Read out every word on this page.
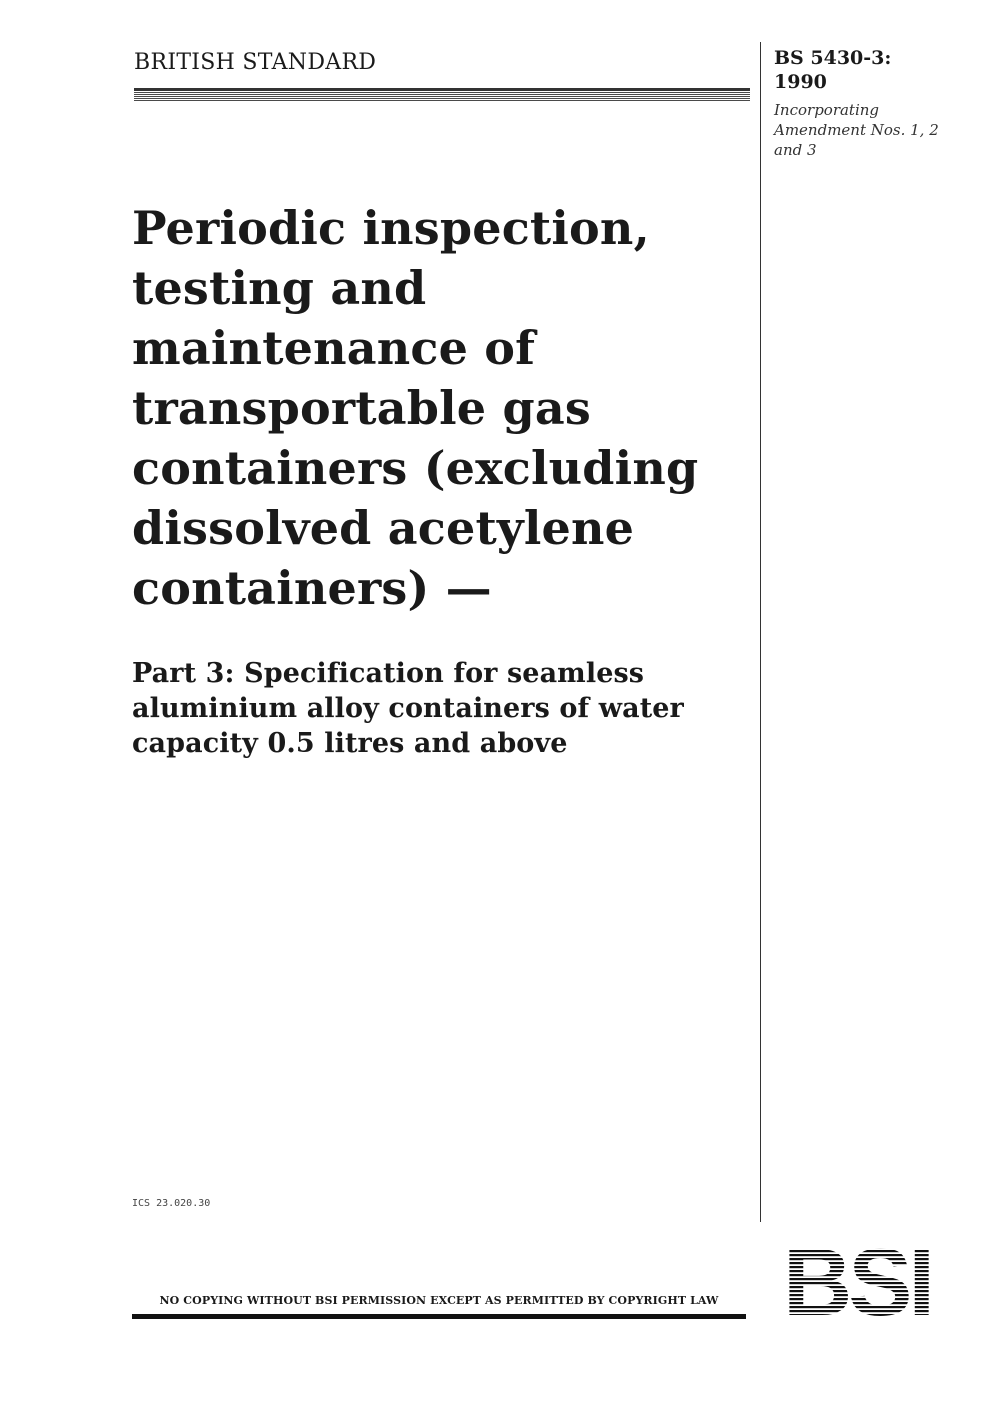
BRITISH STANDARD	BS 5430-3:
1990
Incorporating Amendment Nos. 1, 2 and 3
Periodic inspection, testing and maintenance of transportable gas containers (excluding dissolved acetylene containers) —
Part 3: Specification for seamless aluminium alloy containers of water capacity 0.5 litres and above
ICS 23.020.30
NO COPYING WITHOUT BSI PERMISSION EXCEPT AS PERMITTED BY COPYRIGHT LAW BSI
